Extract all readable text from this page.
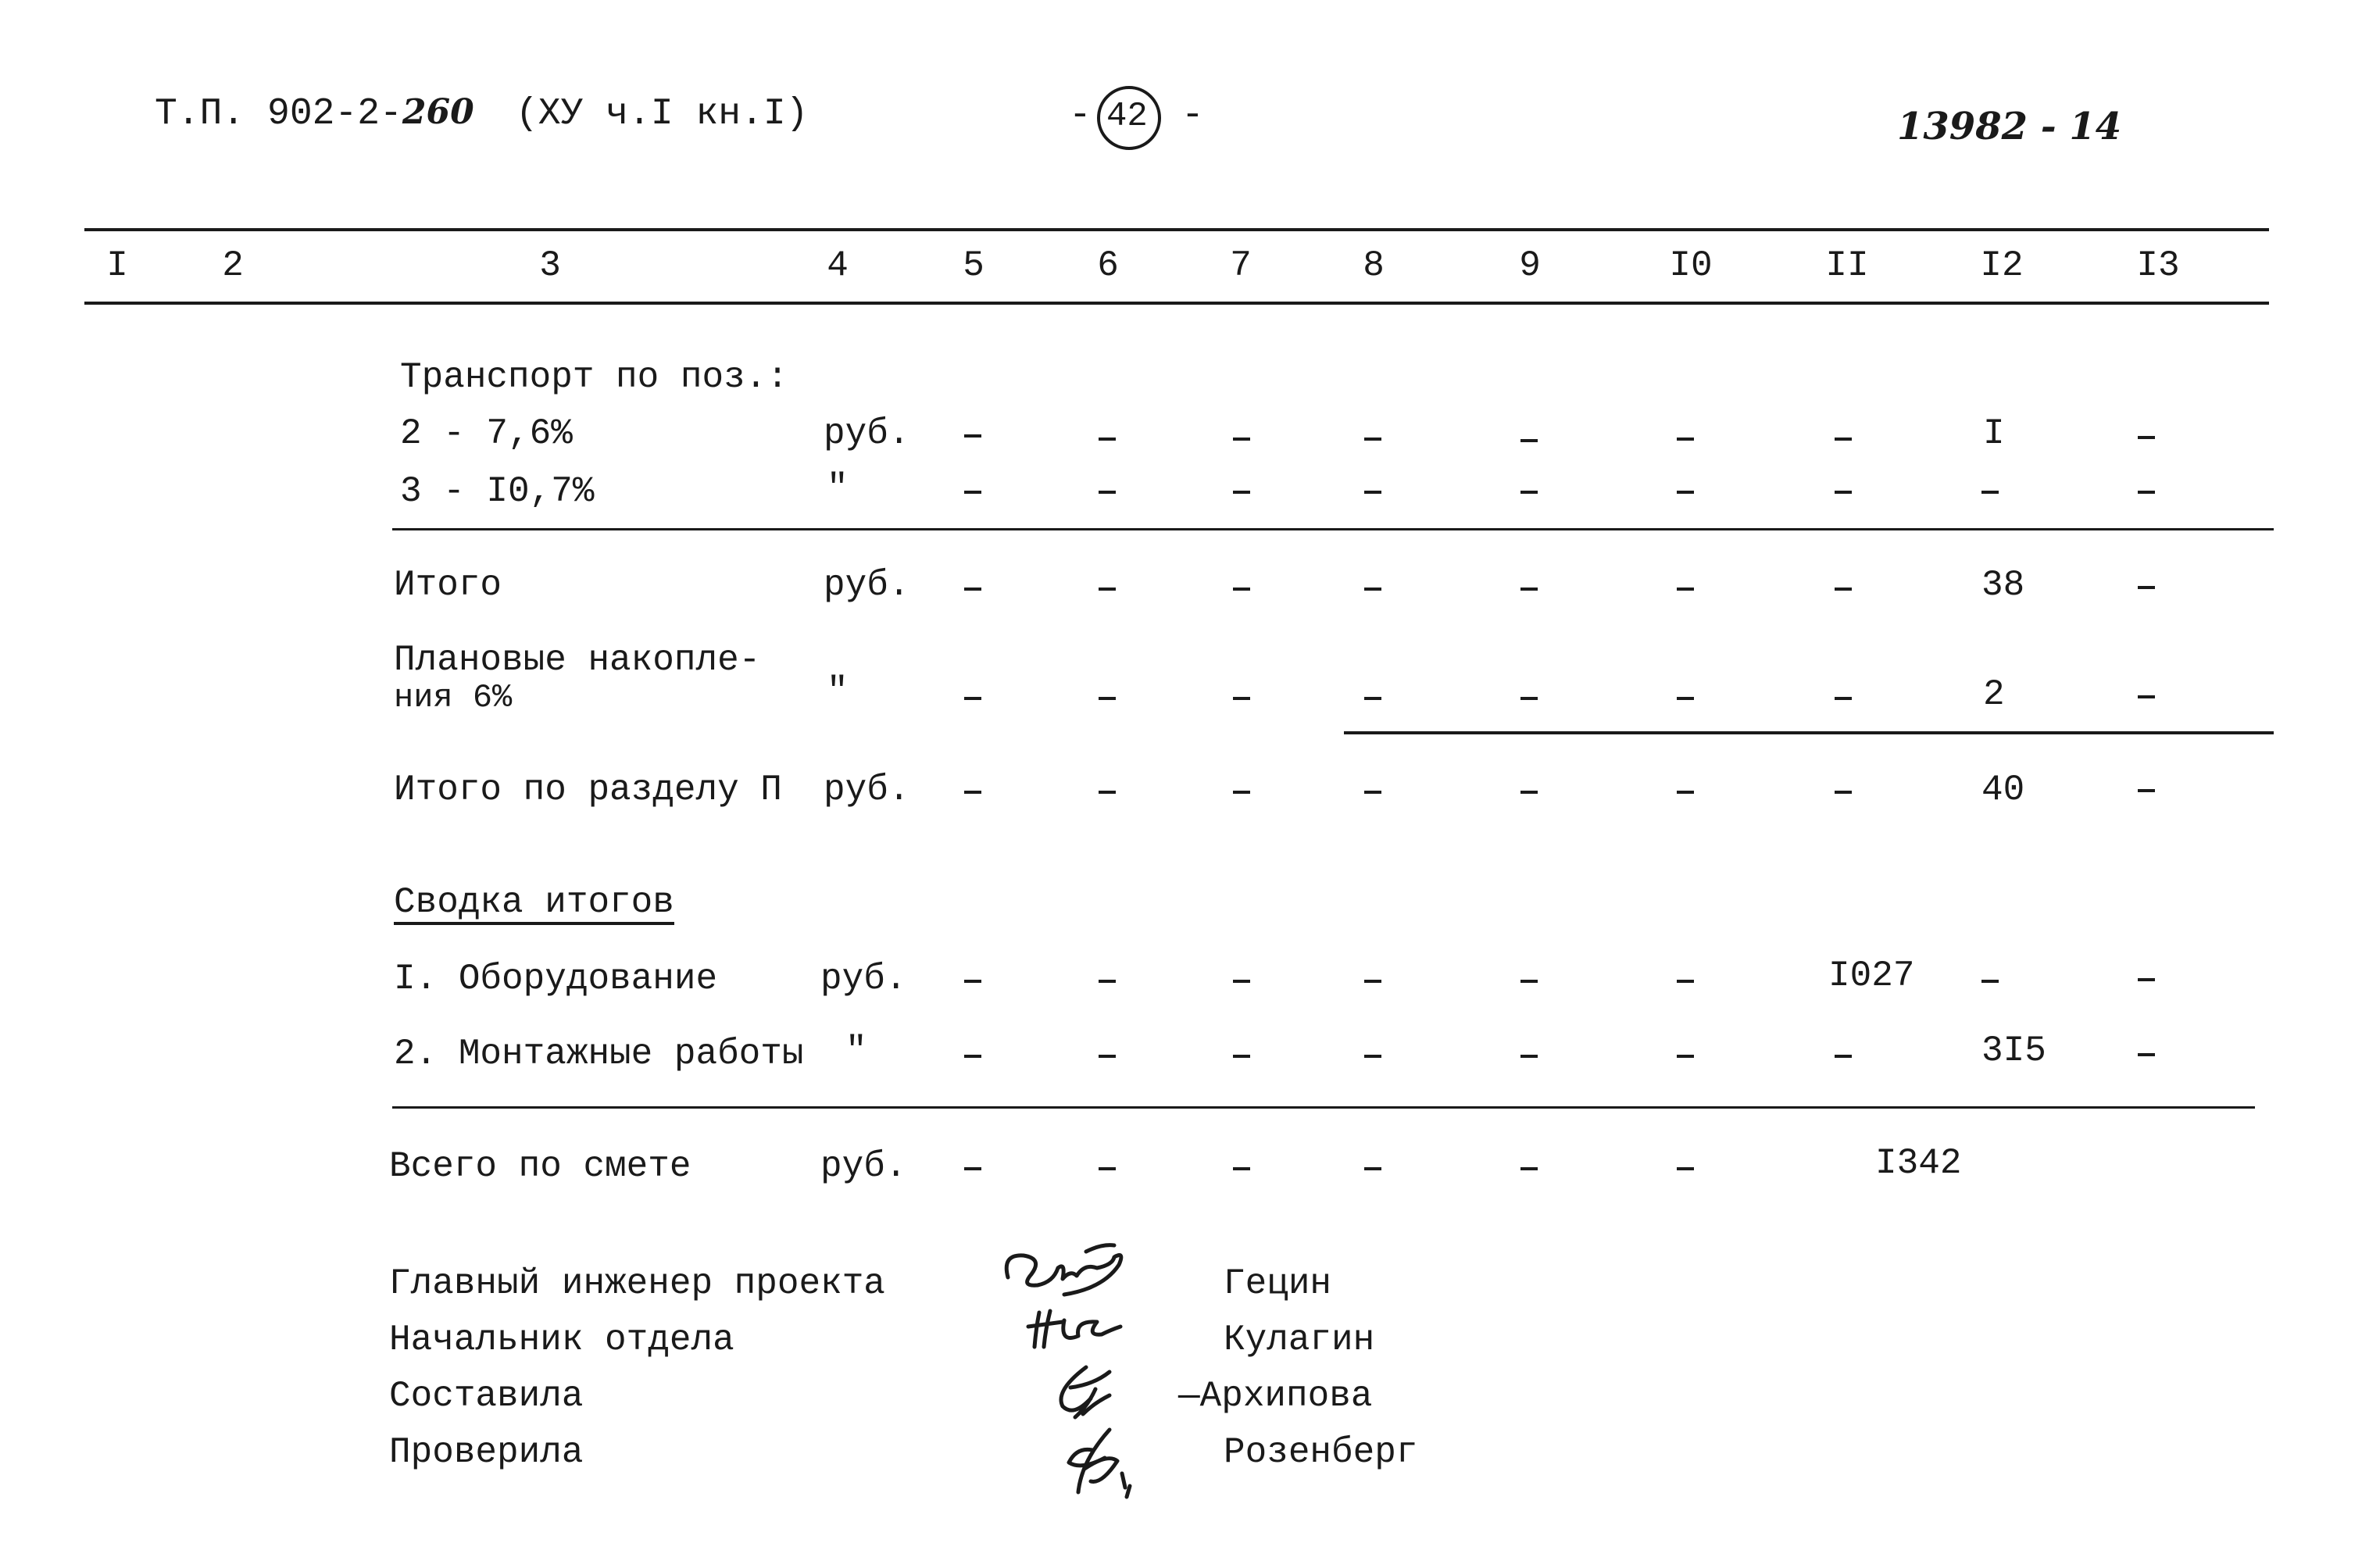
Т.П. 902-2-260 (ХУ ч.I кн.I)	- 42 -	13982 - 14
I	2	3	4	5	6	7	8	9	I0	II	I2	I3
Транспорт по поз.:
2 - 7,6%	руб.	I
3 - I0,7%	"
Итого	руб.	38
Плановые накопле-
ния 6%	"	2
Итого по разделу П руб.	40
Сводка итогов
I. Оборудование	руб.	I027
2. Монтажные работы "	3I5
Всего по смете	руб.	I342
Главный инженер проекта	Гецин
Начальник отдела	Кулагин
Составила	—Архипова
Проверила	Розенберг
